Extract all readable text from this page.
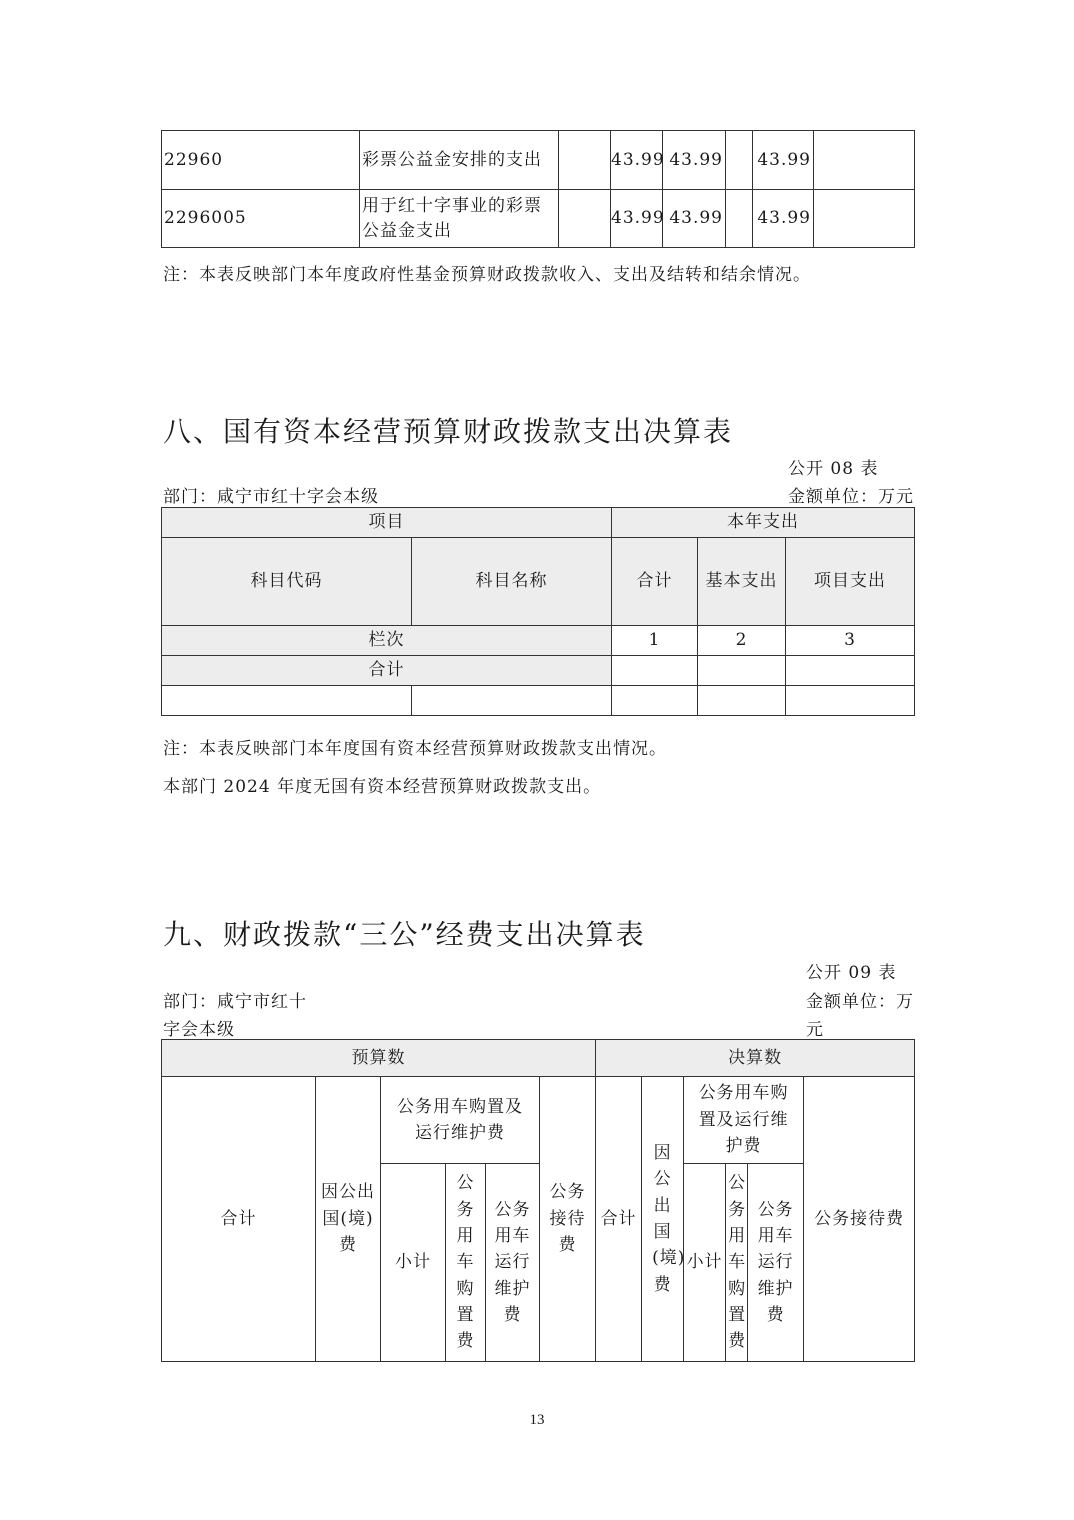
22960	彩票公益金安排的支出		43.99	43.99		43.99	
2296005	用于红十字事业的彩票公益金支出		43.99	43.99		43.99	
注：本表反映部门本年度政府性基金预算财政拨款收入、支出及结转和结余情况。
八、国有资本经营预算财政拨款支出决算表
公开 08 表
部门：咸宁市红十字会本级	金额单位：万元
项目		本年支出		
科目代码	科目名称	合计	基本支出	项目支出
栏次		1	2	3
合计				

注：本表反映部门本年度国有资本经营预算财政拨款支出情况。
本部门 2024 年度无国有资本经营预算财政拨款支出。
九、财政拨款“三公”经费支出决算表
公开 09 表
部门：咸宁市红十
字会本级
金额单位：万
元
预算数						决算数					
合计	因公出国(境)费	公务用车购置及运行维护费			公务接待费	合计	因公出国(境)费	公务用车购置及运行维护费			公务接待费
		小计	公务用车购置费	公务用车运行维护费				小计	公务用车购置费	公务用车运行维护费	
13
